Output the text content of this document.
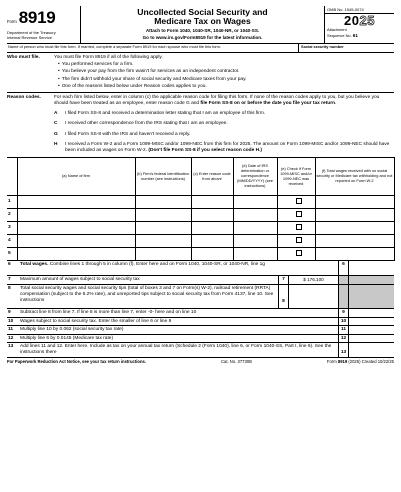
Form 8919
Department of the Treasury
Internal Revenue Service
Uncollected Social Security and
Medicare Tax on Wages
Attach to Form 1040, 1040-SR, 1040-NR, or 1040-SS.
Go to www.irs.gov/Form8919 for the latest information.
OMB No. 1545-0074
2025
Attachment
Sequence No. 61
Name of person who must file this form. If married, complete a separate Form 8919 for each spouse who must file this form.	Social security number
Who must file.	You must file Form 8919 if all of the following apply.
• You performed services for a firm.
• You believe your pay from the firm wasn't for services as an independent contractor.
• The firm didn't withhold your share of social security and Medicare taxes from your pay.
• One of the reasons listed below under Reason codes applies to you.
Reason codes.	For each firm listed below, enter in column (c) the applicable reason code for filing this form. If none of the reason codes apply to you, but you believe you should have been treated as an employee, enter reason code G and file Form SS-8 on or before the date you file your tax return.
A	I filed Form SS-8 and received a determination letter stating that I am an employee of this firm.
C	I received other correspondence from the IRS stating that I am an employee.
G	I filed Form SS-8 with the IRS and haven't received a reply.
H	I received a Form W-2 and a Form 1099-MISC and/or 1099-NEC from this firm for 2025. The amount on Form 1099-MISC and/or 1099-NEC should have been included as wages on Form W-2. (Don't file Form SS-8 if you select reason code H.)
	(a) Name of firm	(b) Firm's federal identification number (see instructions)	(c) Enter reason code from above	(d) Date of IRS determination or correspondence (MM/DD/YYYY) (see instructions)	(e) Check if Form 1099-MISC and/or 1099-NEC was received	(f) Total wages received with no social security or Medicare tax withholding and not reported on Form W-2
1						
2						
3						
4						
5						
6	Total wages. Combine lines 1 through 5 in column (f). Enter here and on Form 1040, 1040-SR, or 1040-NR, line 1g	6
7	Maximum amount of wages subject to social security tax	7	$ 176,100
8	Total social security wages and social security tips (total of boxes 3 and 7 on Form(s) W-2), railroad retirement (RRTA) compensation (subject to the 6.2% rate), and unreported tips subject to social security tax from Form 4137, line 10. See instructions	8
9	Subtract line 8 from line 7. If line 8 is more than line 7, enter -0- here and on line 10	9
10	Wages subject to social security tax. Enter the smaller of line 6 or line 9	10
11	Multiply line 10 by 0.062 (social security tax rate)	11
12	Multiply line 6 by 0.0145 (Medicare tax rate)	12
13	Add lines 11 and 12. Enter here. Include as tax on your annual tax return (Schedule 2 (Form 1040), line 6, or Form 1040-SS, Part I, line 6). See the instructions there	13
For Paperwork Reduction Act Notice, see your tax return instructions.	Cat. No. 37730B	Form 8919 (2025) Created 10/22/25
